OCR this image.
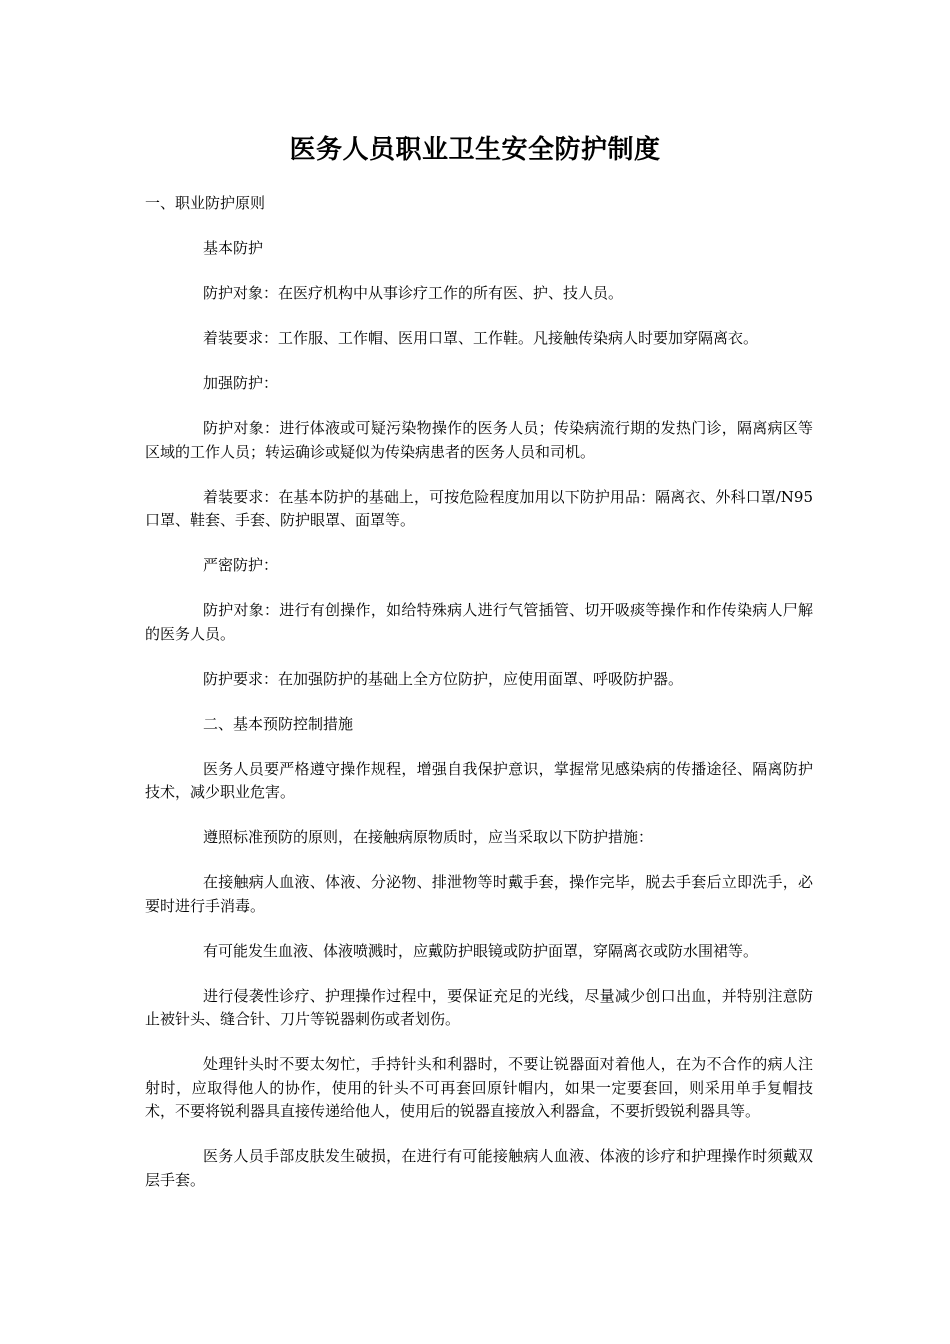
医务人员职业卫生安全防护制度

一、职业防护原则

基本防护

防护对象：在医疗机构中从事诊疗工作的所有医、护、技人员。

着装要求：工作服、工作帽、医用口罩、工作鞋。凡接触传染病人时要加穿隔离衣。

加强防护：

防护对象：进行体液或可疑污染物操作的医务人员；传染病流行期的发热门诊，隔离病区等区域的工作人员；转运确诊或疑似为传染病患者的医务人员和司机。

着装要求：在基本防护的基础上，可按危险程度加用以下防护用品：隔离衣、外科口罩/N95口罩、鞋套、手套、防护眼罩、面罩等。

严密防护：

防护对象：进行有创操作，如给特殊病人进行气管插管、切开吸痰等操作和作传染病人尸解的医务人员。

防护要求：在加强防护的基础上全方位防护，应使用面罩、呼吸防护器。

二、基本预防控制措施

医务人员要严格遵守操作规程，增强自我保护意识，掌握常见感染病的传播途径、隔离防护技术，减少职业危害。

遵照标准预防的原则，在接触病原物质时，应当采取以下防护措施：

在接触病人血液、体液、分泌物、排泄物等时戴手套，操作完毕，脱去手套后立即洗手，必要时进行手消毒。

有可能发生血液、体液喷溅时，应戴防护眼镜或防护面罩，穿隔离衣或防水围裙等。

进行侵袭性诊疗、护理操作过程中，要保证充足的光线，尽量减少创口出血，并特别注意防止被针头、缝合针、刀片等锐器刺伤或者划伤。

处理针头时不要太匆忙，手持针头和利器时，不要让锐器面对着他人，在为不合作的病人注射时，应取得他人的协作，使用的针头不可再套回原针帽内，如果一定要套回，则采用单手复帽技术，不要将锐利器具直接传递给他人，使用后的锐器直接放入利器盒，不要折毁锐利器具等。

医务人员手部皮肤发生破损，在进行有可能接触病人血液、体液的诊疗和护理操作时须戴双层手套。
